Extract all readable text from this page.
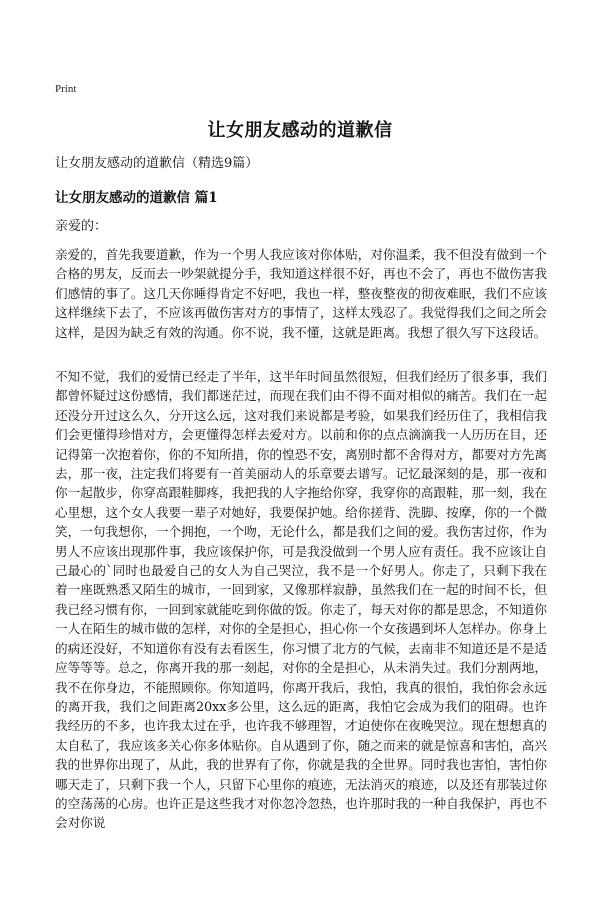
Print
让女朋友感动的道歉信
让女朋友感动的道歉信（精选9篇）
让女朋友感动的道歉信 篇1
亲爱的：

亲爱的，首先我要道歉，作为一个男人我应该对你体贴，对你温柔，我不但没有做到一个合格的男友，反而去一吵架就提分手，我知道这样很不好，再也不会了，再也不做伤害我们感情的事了。这几天你睡得肯定不好吧，我也一样，整夜整夜的彻夜难眠，我们不应该这样继续下去了，不应该再做伤害对方的事情了，这样太残忍了。我觉得我们之间之所会这样，是因为缺乏有效的沟通。你不说，我不懂，这就是距离。我想了很久写下这段话。

不知不觉，我们的爱情已经走了半年，这半年时间虽然很短，但我们经历了很多事，我们都曾怀疑过这份感情，我们都迷茫过，而现在我们由不得不面对相似的痛苦。我们在一起还没分开过这么久，分开这么远，这对我们来说都是考验，如果我们经历住了，我相信我们会更懂得珍惜对方，会更懂得怎样去爱对方。以前和你的点点滴滴我一人历历在目，还记得第一次抱着你，你的不知所措，你的惶恐不安，离别时都不舍得对方，都要对方先离去，那一夜，注定我们将要有一首美丽动人的乐章要去谱写。记忆最深刻的是，那一夜和你一起散步，你穿高跟鞋脚疼，我把我的人字拖给你穿，我穿你的高跟鞋，那一刻，我在心里想，这个女人我要一辈子对她好，我要保护她。给你搓背、洗脚、按摩，你的一个微笑，一句我想你，一个拥抱，一个吻，无论什么，都是我们之间的爱。我伤害过你，作为男人不应该出现那件事，我应该保护你，可是我没做到一个男人应有责任。我不应该让自己最心的`同时也最爱自己的女人为自己哭泣，我不是一个好男人。你走了，只剩下我在着一座既熟悉又陌生的城市，一回到家，又像那样寂静，虽然我们在一起的时间不长，但我已经习惯有你，一回到家就能吃到你做的饭。你走了，每天对你的都是思念，不知道你一人在陌生的城市做的怎样，对你的全是担心，担心你一个女孩遇到坏人怎样办。你身上的病还没好，不知道你有没有去看医生，你习惯了北方的气候，去南非不知道还是不是适应等等等。总之，你离开我的那一刻起，对你的全是担心，从未消失过。我们分割两地，我不在你身边，不能照顾你。你知道吗，你离开我后，我怕，我真的很怕，我怕你会永远的离开我，我们之间距离20xx多公里，这么远的距离，我怕它会成为我们的阻碍。也许我经历的不多，也许我太过在乎，也许我不够理智，才迫使你在夜晚哭泣。现在想想真的太自私了，我应该多关心你多体贴你。自从遇到了你，随之而来的就是惊喜和害怕，高兴我的世界你出现了，从此，我的世界有了你，你就是我的全世界。同时我也害怕，害怕你哪天走了，只剩下我一个人，只留下心里你的痕迹，无法消灭的痕迹，以及还有那装过你的空荡荡的心房。也许正是这些我才对你忽冷忽热，也许那时我的一种自我保护，再也不会对你说
